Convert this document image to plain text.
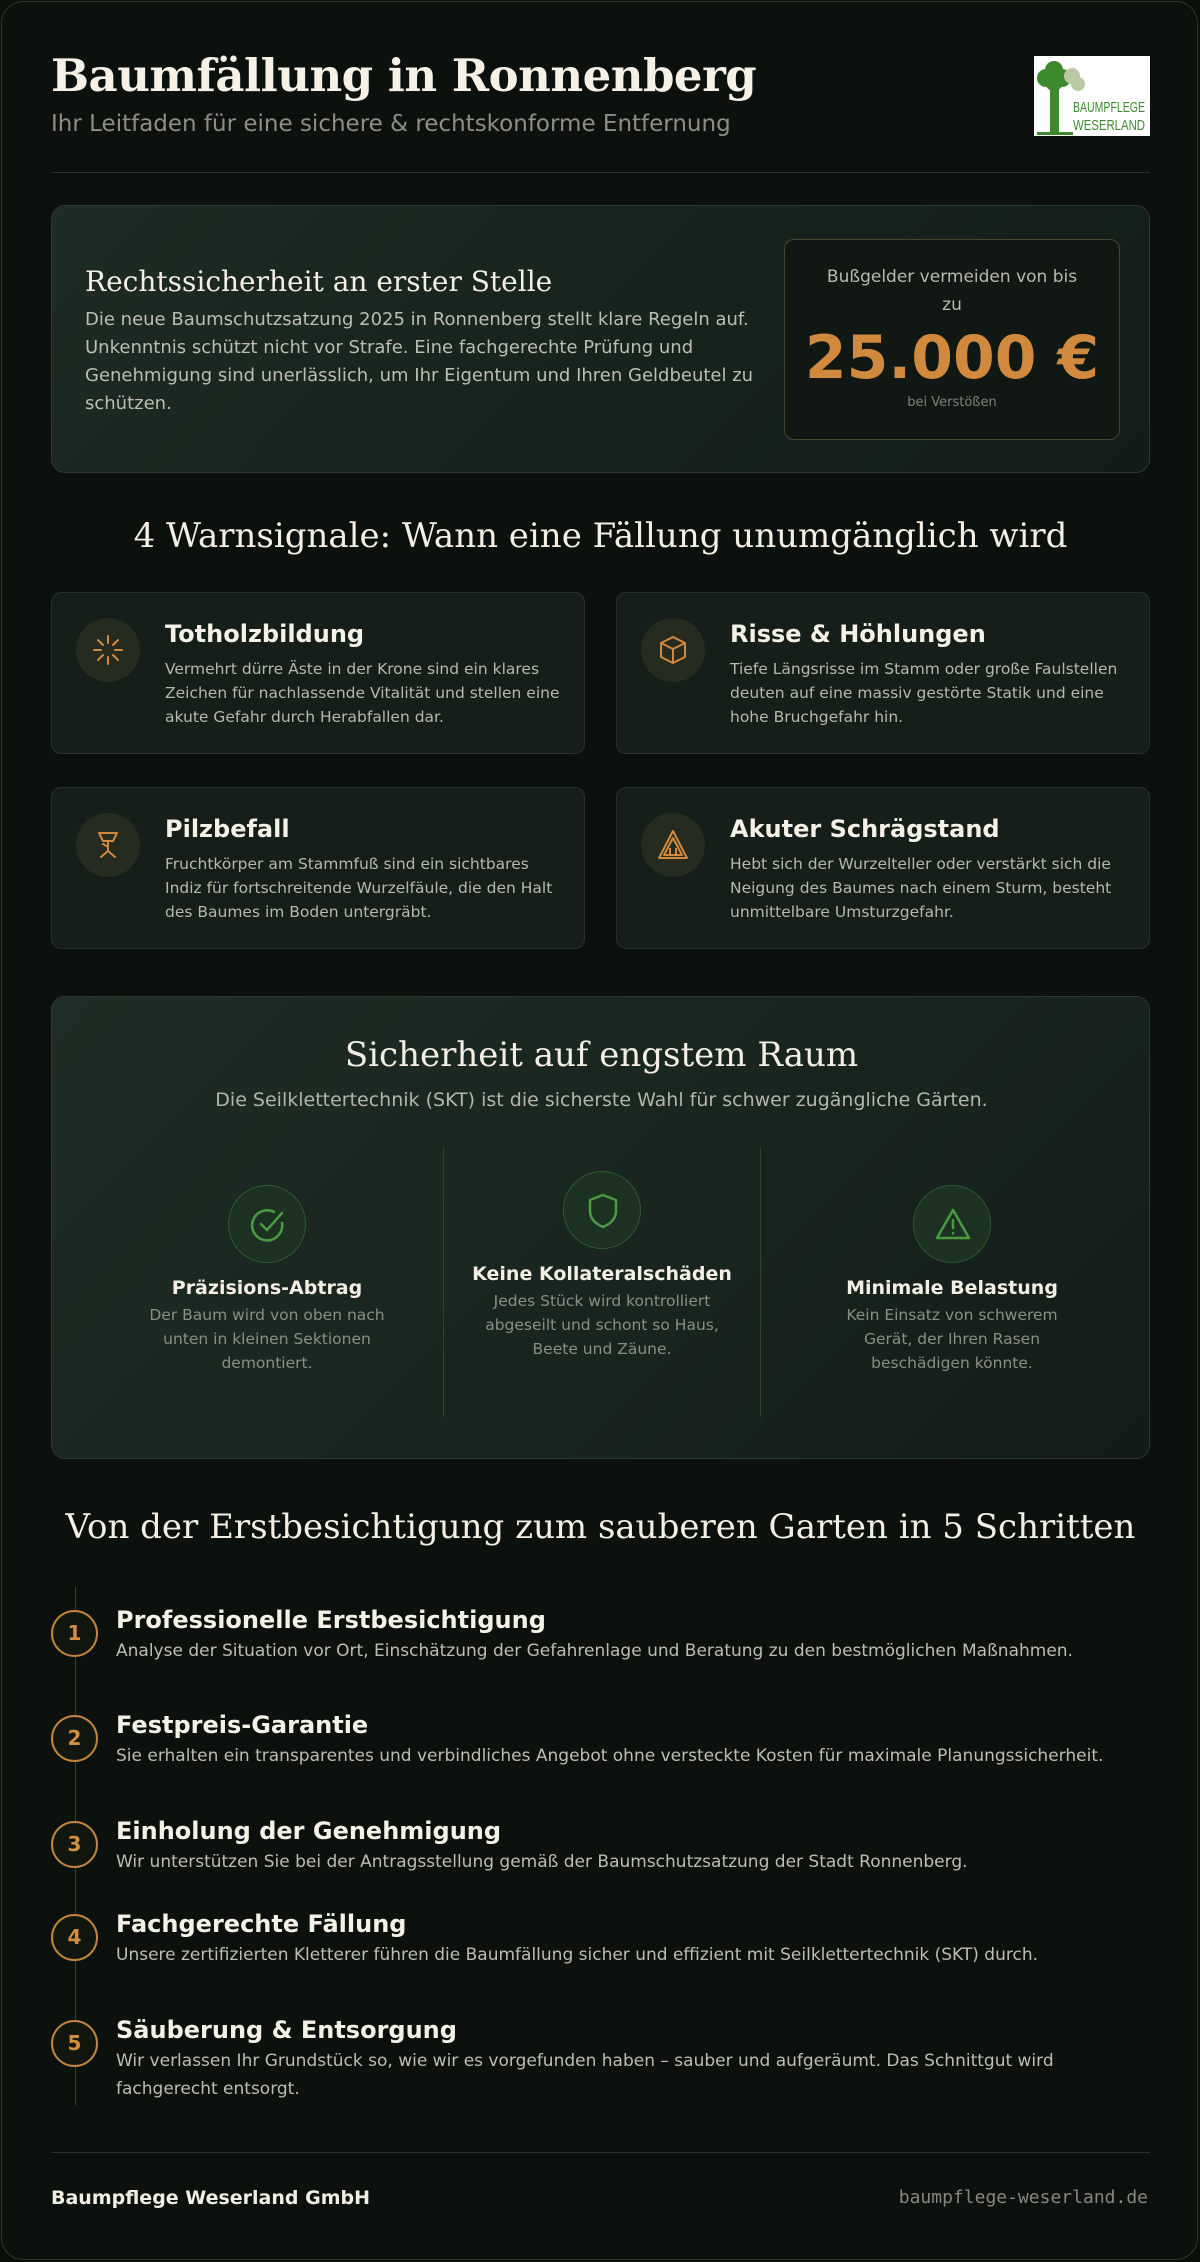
Baumfällung in Ronnenberg
Ihr Leitfaden für eine sichere & rechtskonforme Entfernung
BAUMPFLEGE
WESERLAND
Rechtssicherheit an erster Stelle
Die neue Baumschutzsatzung 2025 in Ronnenberg stellt klare Regeln auf. Unkenntnis schützt nicht vor Strafe. Eine fachgerechte Prüfung und Genehmigung sind unerlässlich, um Ihr Eigentum und Ihren Geldbeutel zu schützen.
Bußgelder vermeiden von bis zu
25.000 €
bei Verstößen
4 Warnsignale: Wann eine Fällung unumgänglich wird
Totholzbildung
Vermehrt dürre Äste in der Krone sind ein klares Zeichen für nachlassende Vitalität und stellen eine akute Gefahr durch Herabfallen dar.
Risse & Höhlungen
Tiefe Längsrisse im Stamm oder große Faulstellen deuten auf eine massiv gestörte Statik und eine hohe Bruchgefahr hin.
Pilzbefall
Fruchtkörper am Stammfuß sind ein sichtbares Indiz für fortschreitende Wurzelfäule, die den Halt des Baumes im Boden untergräbt.
Akuter Schrägstand
Hebt sich der Wurzelteller oder verstärkt sich die Neigung des Baumes nach einem Sturm, besteht unmittelbare Umsturzgefahr.
Sicherheit auf engstem Raum
Die Seilklettertechnik (SKT) ist die sicherste Wahl für schwer zugängliche Gärten.
Präzisions-Abtrag
Der Baum wird von oben nach unten in kleinen Sektionen demontiert.
Keine Kollateralschäden
Jedes Stück wird kontrolliert abgeseilt und schont so Haus, Beete und Zäune.
Minimale Belastung
Kein Einsatz von schwerem Gerät, der Ihren Rasen beschädigen könnte.
Von der Erstbesichtigung zum sauberen Garten in 5 Schritten
1	Professionelle Erstbesichtigung
Analyse der Situation vor Ort, Einschätzung der Gefahrenlage und Beratung zu den bestmöglichen Maßnahmen.
2	Festpreis-Garantie
Sie erhalten ein transparentes und verbindliches Angebot ohne versteckte Kosten für maximale Planungssicherheit.
3	Einholung der Genehmigung
Wir unterstützen Sie bei der Antragsstellung gemäß der Baumschutzsatzung der Stadt Ronnenberg.
4	Fachgerechte Fällung
Unsere zertifizierten Kletterer führen die Baumfällung sicher und effizient mit Seilklettertechnik (SKT) durch.
5	Säuberung & Entsorgung
Wir verlassen Ihr Grundstück so, wie wir es vorgefunden haben – sauber und aufgeräumt. Das Schnittgut wird fachgerecht entsorgt.
Baumpflege Weserland GmbH	baumpflege-weserland.de
